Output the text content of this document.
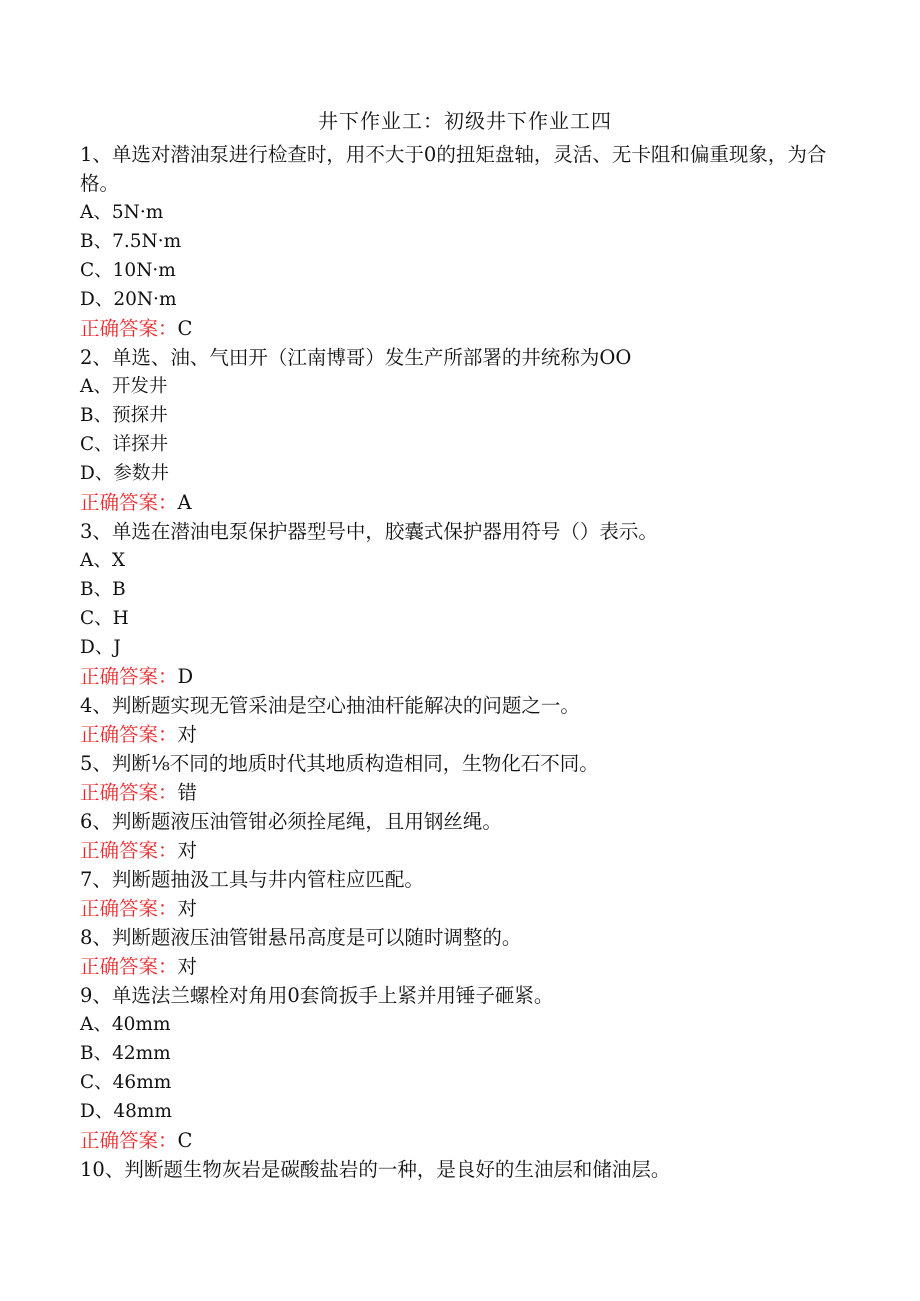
井下作业工：初级井下作业工四

1、单选对潜油泵进行检查时，用不大于0的扭矩盘轴，灵活、无卡阻和偏重现象，为合格。

A、5N·m

B、7.5N·m

C、10N·m

D、20N·m

正确答案：C

2、单选、油、气田开（江南博哥）发生产所部署的井统称为OO

A、开发井

B、预探井

C、详探井

D、参数井

正确答案：A

3、单选在潜油电泵保护器型号中，胶囊式保护器用符号（）表示。

A、X

B、B

C、H

D、J

正确答案：D

4、判断题实现无管采油是空心抽油杆能解决的问题之一。

正确答案：对

5、判断⅛不同的地质时代其地质构造相同，生物化石不同。

正确答案：错

6、判断题液压油管钳必须拴尾绳，且用钢丝绳。

正确答案：对

7、判断题抽汲工具与井内管柱应匹配。

正确答案：对

8、判断题液压油管钳悬吊高度是可以随时调整的。

正确答案：对

9、单选法兰螺栓对角用0套筒扳手上紧并用锤子砸紧。

A、40mm

B、42mm

C、46mm

D、48mm

正确答案：C

10、判断题生物灰岩是碳酸盐岩的一种，是良好的生油层和储油层。
